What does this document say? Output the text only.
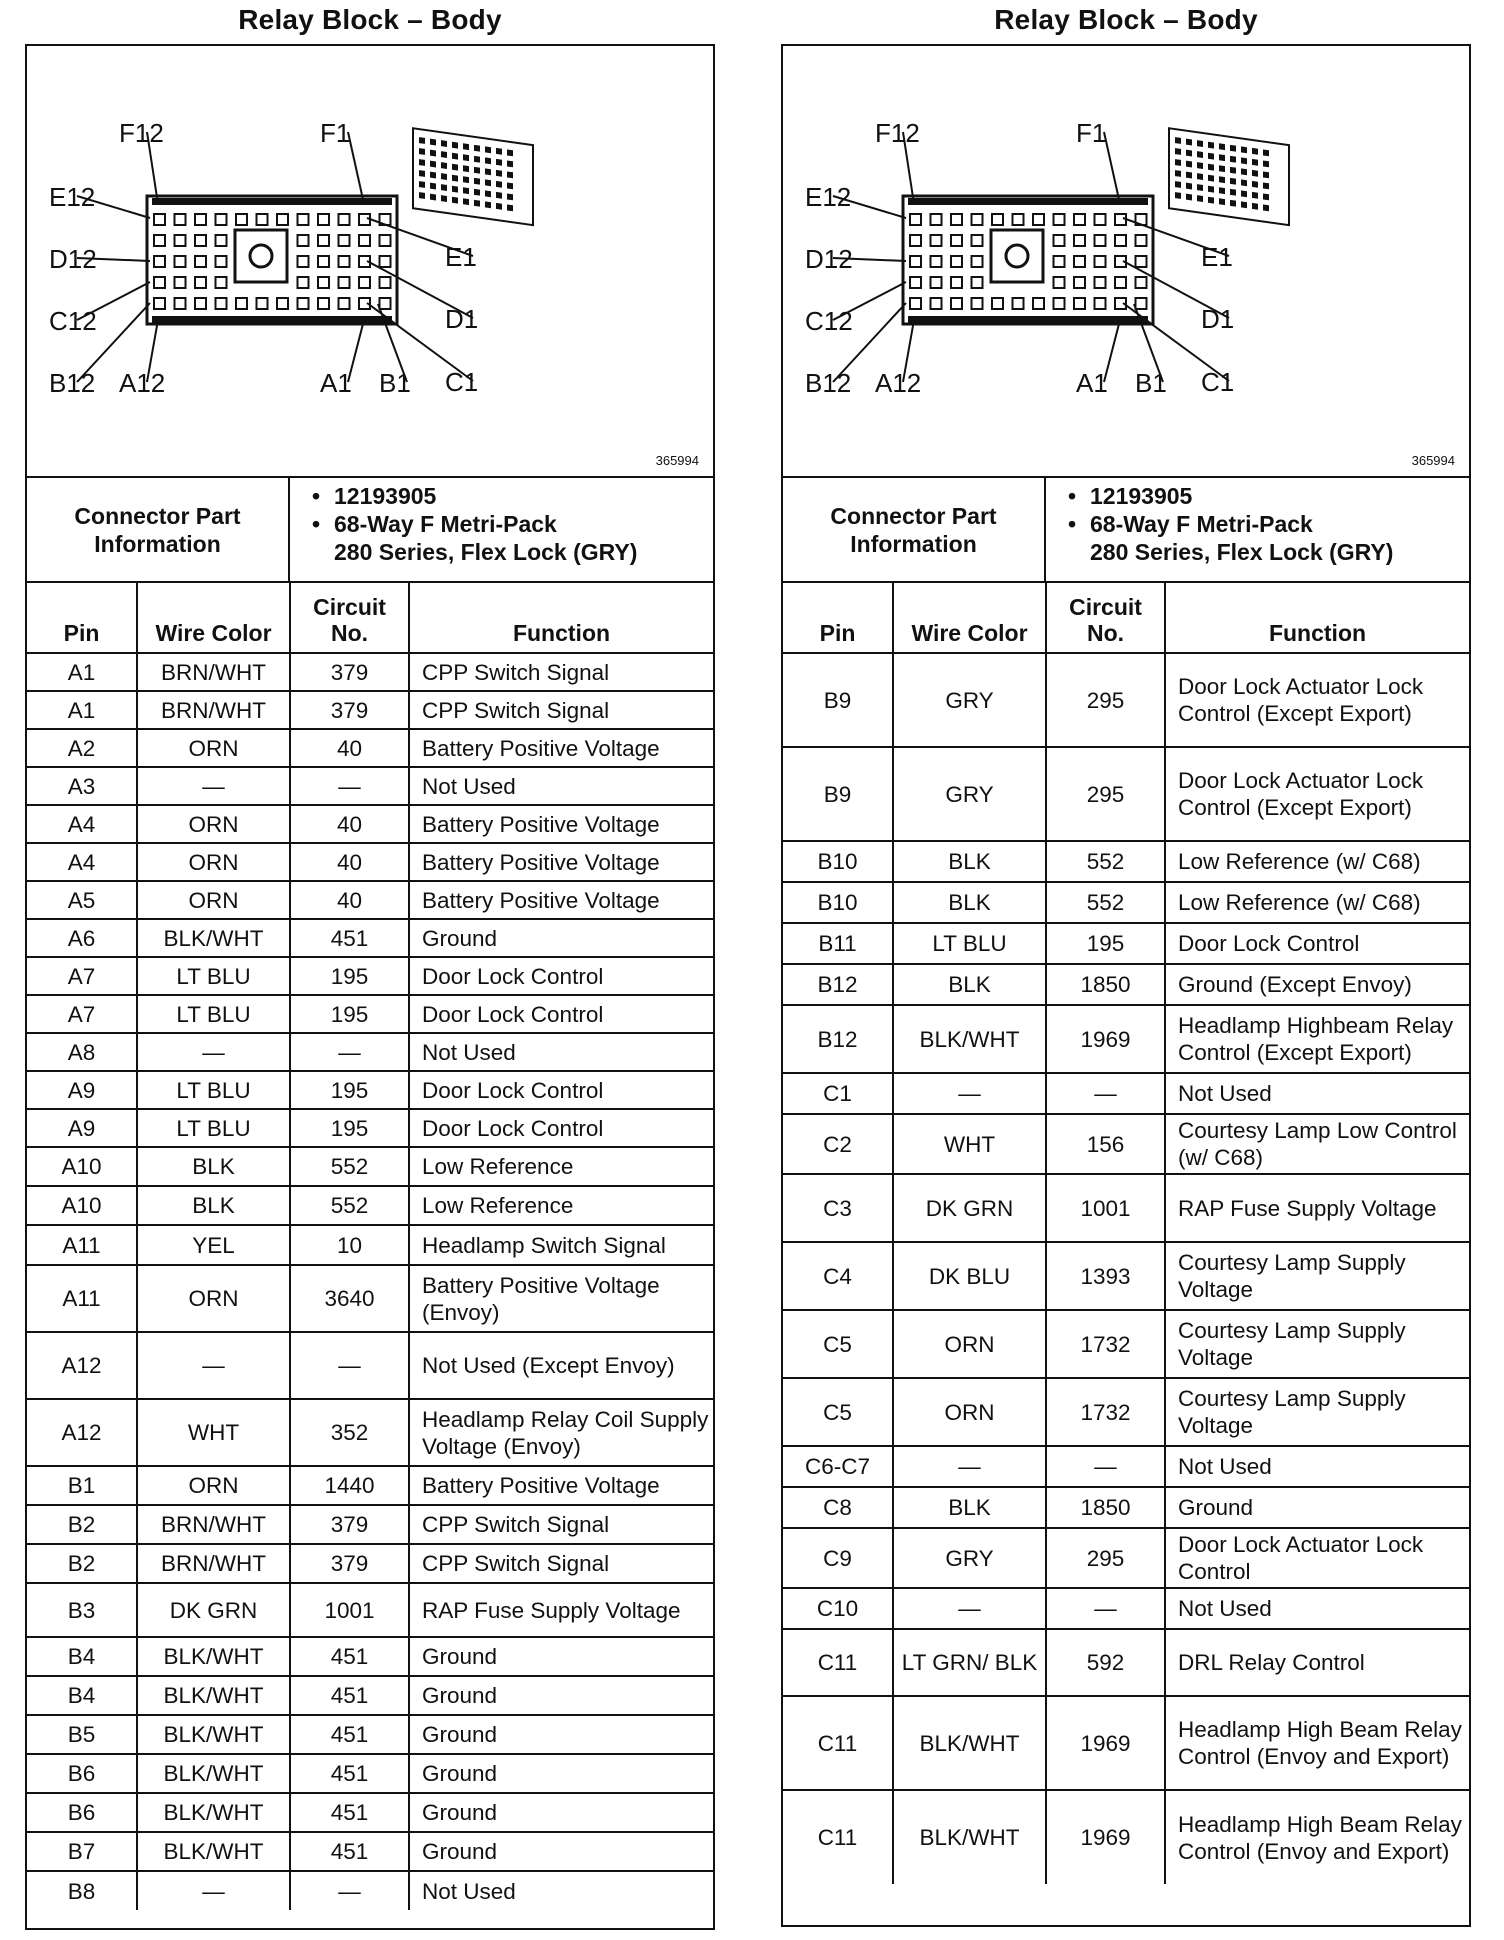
Relay Block – Body
F12	F1
E12
E1
D12
D1
C12
C1
B12 A12	A1 B1
365994
Connector Part Information
• 12193905
• 68-Way F Metri-Pack
280 Series, Flex Lock (GRY)
Pin	Wire Color	Circuit No.	Function
A1	BRN/WHT	379	CPP Switch Signal
A1	BRN/WHT	379	CPP Switch Signal
A2	ORN	40	Battery Positive Voltage
A3	—	—	Not Used
A4	ORN	40	Battery Positive Voltage
A4	ORN	40	Battery Positive Voltage
A5	ORN	40	Battery Positive Voltage
A6	BLK/WHT	451	Ground
A7	LT BLU	195	Door Lock Control
A7	LT BLU	195	Door Lock Control
A8	—	—	Not Used
A9	LT BLU	195	Door Lock Control
A9	LT BLU	195	Door Lock Control
A10	BLK	552	Low Reference
A10	BLK	552	Low Reference
A11	YEL	10	Headlamp Switch Signal
A11	ORN	3640	Battery Positive Voltage (Envoy)
A12	—	—	Not Used (Except Envoy)
A12	WHT	352	Headlamp Relay Coil Supply Voltage (Envoy)
B1	ORN	1440	Battery Positive Voltage
B2	BRN/WHT	379	CPP Switch Signal
B2	BRN/WHT	379	CPP Switch Signal
B3	DK GRN	1001	RAP Fuse Supply Voltage
B4	BLK/WHT	451	Ground
B4	BLK/WHT	451	Ground
B5	BLK/WHT	451	Ground
B6	BLK/WHT	451	Ground
B6	BLK/WHT	451	Ground
B7	BLK/WHT	451	Ground
B8	—	—	Not Used
Relay Block – Body
F12	F1
E12
E1
D12
D1
C12
C1
B12 A12	A1 B1
365994
Connector Part Information
• 12193905
• 68-Way F Metri-Pack
280 Series, Flex Lock (GRY)
Pin	Wire Color	Circuit No.	Function
B9	GRY	295	Door Lock Actuator Lock Control (Except Export)
B9	GRY	295	Door Lock Actuator Lock Control (Except Export)
B10	BLK	552	Low Reference (w/ C68)
B10	BLK	552	Low Reference (w/ C68)
B11	LT BLU	195	Door Lock Control
B12	BLK	1850	Ground (Except Envoy)
B12	BLK/WHT	1969	Headlamp Highbeam Relay Control (Except Export)
C1	—	—	Not Used
C2	WHT	156	Courtesy Lamp Low Control (w/ C68)
C3	DK GRN	1001	RAP Fuse Supply Voltage
C4	DK BLU	1393	Courtesy Lamp Supply Voltage
C5	ORN	1732	Courtesy Lamp Supply Voltage
C5	ORN	1732	Courtesy Lamp Supply Voltage
C6-C7	—	—	Not Used
C8	BLK	1850	Ground
C9	GRY	295	Door Lock Actuator Lock Control
C10	—	—	Not Used
C11	LT GRN/ BLK	592	DRL Relay Control
C11	BLK/WHT	1969	Headlamp High Beam Relay Control (Envoy and Export)
C11	BLK/WHT	1969	Headlamp High Beam Relay Control (Envoy and Export)
